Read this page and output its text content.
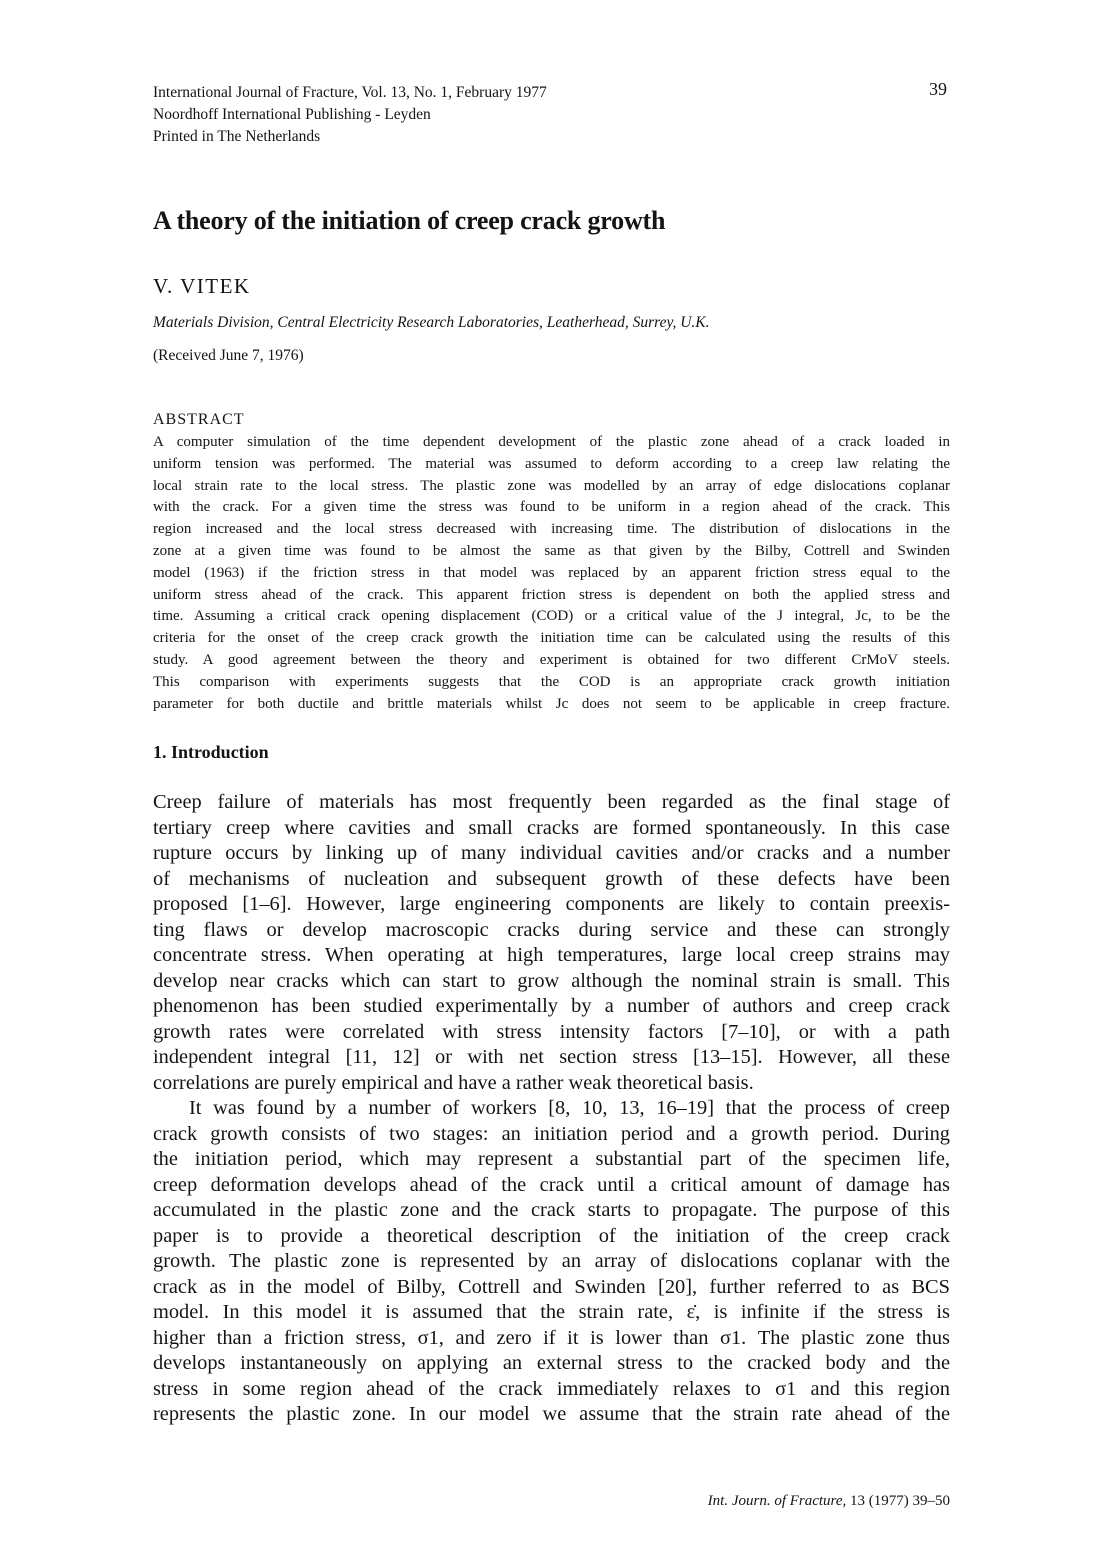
International Journal of Fracture, Vol. 13, No. 1, February 1977
Noordhoff International Publishing - Leyden
Printed in The Netherlands
39
A theory of the initiation of creep crack growth
V. VITEK
Materials Division, Central Electricity Research Laboratories, Leatherhead, Surrey, U.K.
(Received June 7, 1976)
ABSTRACT
A computer simulation of the time dependent development of the plastic zone ahead of a crack loaded in
uniform tension was performed. The material was assumed to deform according to a creep law relating the
local strain rate to the local stress. The plastic zone was modelled by an array of edge dislocations coplanar
with the crack. For a given time the stress was found to be uniform in a region ahead of the crack. This
region increased and the local stress decreased with increasing time. The distribution of dislocations in the
zone at a given time was found to be almost the same as that given by the Bilby, Cottrell and Swinden
model (1963) if the friction stress in that model was replaced by an apparent friction stress equal to the
uniform stress ahead of the crack. This apparent friction stress is dependent on both the applied stress and
time. Assuming a critical crack opening displacement (COD) or a critical value of the J integral, Jc, to be the
criteria for the onset of the creep crack growth the initiation time can be calculated using the results of this
study. A good agreement between the theory and experiment is obtained for two different CrMoV steels.
This comparison with experiments suggests that the COD is an appropriate crack growth initiation
parameter for both ductile and brittle materials whilst Jc does not seem to be applicable in creep fracture.
1. Introduction
Creep failure of materials has most frequently been regarded as the final stage of
tertiary creep where cavities and small cracks are formed spontaneously. In this case
rupture occurs by linking up of many individual cavities and/or cracks and a number
of mechanisms of nucleation and subsequent growth of these defects have been
proposed [1–6]. However, large engineering components are likely to contain preexis-
ting flaws or develop macroscopic cracks during service and these can strongly
concentrate stress. When operating at high temperatures, large local creep strains may
develop near cracks which can start to grow although the nominal strain is small. This
phenomenon has been studied experimentally by a number of authors and creep crack
growth rates were correlated with stress intensity factors [7–10], or with a path
independent integral [11, 12] or with net section stress [13–15]. However, all these
correlations are purely empirical and have a rather weak theoretical basis.
It was found by a number of workers [8, 10, 13, 16–19] that the process of creep
crack growth consists of two stages: an initiation period and a growth period. During
the initiation period, which may represent a substantial part of the specimen life,
creep deformation develops ahead of the crack until a critical amount of damage has
accumulated in the plastic zone and the crack starts to propagate. The purpose of this
paper is to provide a theoretical description of the initiation of the creep crack
growth. The plastic zone is represented by an array of dislocations coplanar with the
crack as in the model of Bilby, Cottrell and Swinden [20], further referred to as BCS
model. In this model it is assumed that the strain rate, ε̇, is infinite if the stress is
higher than a friction stress, σ1, and zero if it is lower than σ1. The plastic zone thus
develops instantaneously on applying an external stress to the cracked body and the
stress in some region ahead of the crack immediately relaxes to σ1 and this region
represents the plastic zone. In our model we assume that the strain rate ahead of the
Int. Journ. of Fracture, 13 (1977) 39–50
